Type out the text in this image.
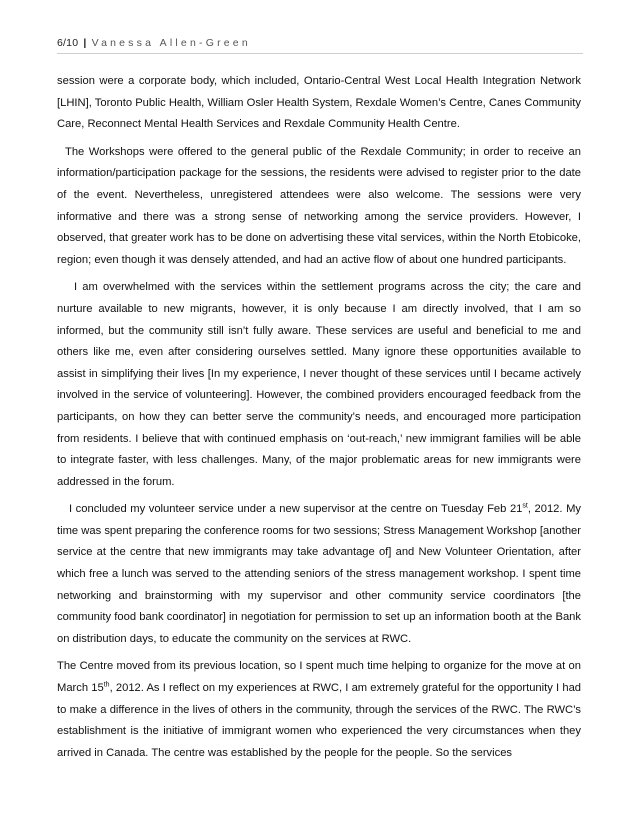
6/10 | Vanessa Allen-Green

session were a corporate body, which included, Ontario-Central West Local Health Integration Network [LHIN], Toronto Public Health, William Osler Health System, Rexdale Women’s Centre, Canes Community Care, Reconnect Mental Health Services and Rexdale Community Health Centre.

The Workshops were offered to the general public of the Rexdale Community; in order to receive an information/participation package for the sessions, the residents were advised to register prior to the date of the event. Nevertheless, unregistered attendees were also welcome. The sessions were very informative and there was a strong sense of networking among the service providers. However, I observed, that greater work has to be done on advertising these vital services, within the North Etobicoke, region; even though it was densely attended, and had an active flow of about one hundred participants.

I am overwhelmed with the services within the settlement programs across the city; the care and nurture available to new migrants, however, it is only because I am directly involved, that I am so informed, but the community still isn’t fully aware. These services are useful and beneficial to me and others like me, even after considering ourselves settled. Many ignore these opportunities available to assist in simplifying their lives [In my experience, I never thought of these services until I became actively involved in the service of volunteering]. However, the combined providers encouraged feedback from the participants, on how they can better serve the community’s needs, and encouraged more participation from residents. I believe that with continued emphasis on ‘out-reach,’ new immigrant families will be able to integrate faster, with less challenges. Many, of the major problematic areas for new immigrants were addressed in the forum.

I concluded my volunteer service under a new supervisor at the centre on Tuesday Feb 21st, 2012. My time was spent preparing the conference rooms for two sessions; Stress Management Workshop [another service at the centre that new immigrants may take advantage of] and New Volunteer Orientation, after which free a lunch was served to the attending seniors of the stress management workshop. I spent time networking and brainstorming with my supervisor and other community service coordinators [the community food bank coordinator] in negotiation for permission to set up an information booth at the Bank on distribution days, to educate the community on the services at RWC.

The Centre moved from its previous location, so I spent much time helping to organize for the move at on March 15th, 2012. As I reflect on my experiences at RWC, I am extremely grateful for the opportunity I had to make a difference in the lives of others in the community, through the services of the RWC. The RWC’s establishment is the initiative of immigrant women who experienced the very circumstances when they arrived in Canada. The centre was established by the people for the people. So the services
